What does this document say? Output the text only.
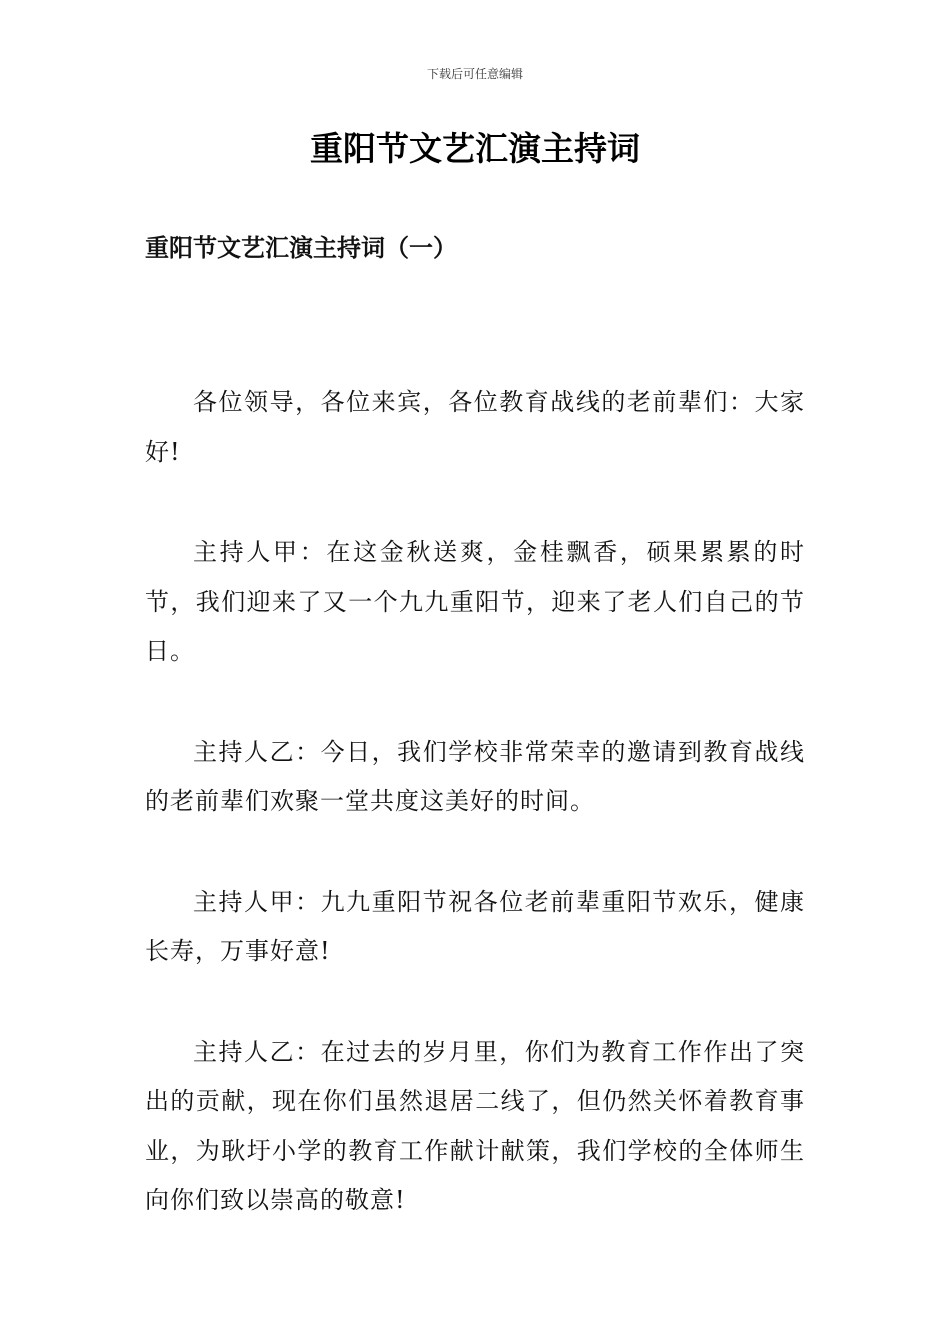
下载后可任意编辑
重阳节文艺汇演主持词
重阳节文艺汇演主持词（一）

各位领导，各位来宾，各位教育战线的老前辈们：大家好!

主持人甲：在这金秋送爽，金桂飘香，硕果累累的时节，我们迎来了又一个九九重阳节，迎来了老人们自己的节日。

主持人乙：今日，我们学校非常荣幸的邀请到教育战线的老前辈们欢聚一堂共度这美好的时间。

主持人甲：九九重阳节祝各位老前辈重阳节欢乐，健康长寿，万事好意!

主持人乙：在过去的岁月里，你们为教育工作作出了突出的贡献，现在你们虽然退居二线了，但仍然关怀着教育事业，为耿圩小学的教育工作献计献策，我们学校的全体师生向你们致以崇高的敬意!
